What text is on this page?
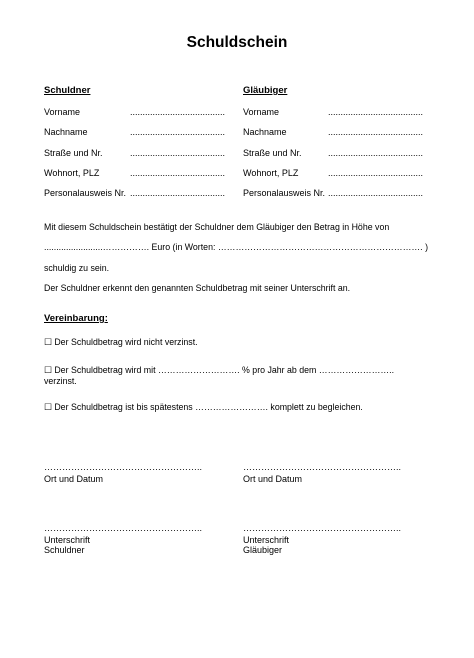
Schuldschein
Schuldner
Vorname	......................................
Nachname	......................................
Straße und Nr.	......................................
Wohnort, PLZ	......................................
Personalausweis Nr. ......................................
Gläubiger
Vorname	......................................
Nachname	......................................
Straße und Nr.	......................................
Wohnort, PLZ	......................................
Personalausweis Nr. ......................................
Mit diesem Schuldschein bestätigt der Schuldner dem Gläubiger den Betrag in Höhe von
........................……………. Euro (in Worten: ……………………………………………………………. )
schuldig zu sein.
Der Schuldner erkennt den genannten Schuldbetrag mit seiner Unterschrift an.
Vereinbarung:
☐ Der Schuldbetrag wird nicht verzinst.
☐ Der Schuldbetrag wird mit ………………………. % pro Jahr ab dem ……………………..
verzinst.
☐ Der Schuldbetrag ist bis spätestens ……………………. komplett zu begleichen.
……………………………………………..
Ort und Datum
……………………………………………..
Ort und Datum
……………………………………………..
Unterschrift
Schuldner
……………………………………………..
Unterschrift
Gläubiger
